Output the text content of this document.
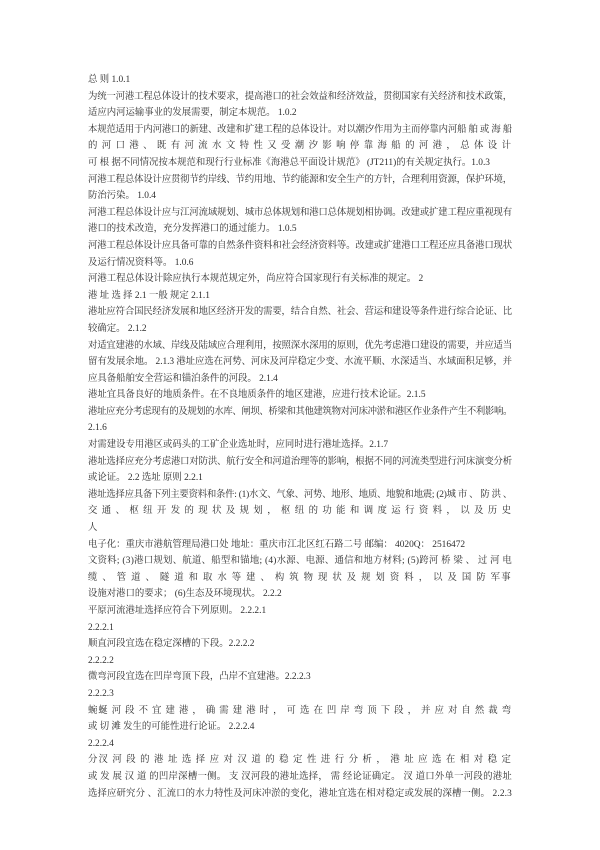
总 则 1.0.1
为统一河港工程总体设计的技术要求，提高港口的社会效益和经济效益，贯彻国家有关经济和技术政策，
适应内河运输事业的发展需要，制定本规范。 1.0.2
本规范适用于内河港口的新建、改建和扩建工程的总体设计。对以潮汐作用为主而停靠内河船 舶 或 海 船
的 河 口 港 、 既 有 河 流 水 文 特 性 又 受 潮 汐 影 响 停 靠 海 船 的 河 港 ， 总 体 设 计
可 根 据不同情况按本规范和现行行业标准《海港总平面设计规范》 (JT211)的有关规定执行。1.0.3
河港工程总体设计应贯彻节约岸线、节约用地、节约能源和安全生产的方针，合理利用资源，保护环境，
防治污染。 1.0.4
河港工程总体设计应与江河流域规划、城市总体规划和港口总体规划相协调。改建或扩建工程应重视现有
港口的技术改造，充分发挥港口的通过能力。 1.0.5
河港工程总体设计应具备可靠的自然条件资料和社会经济资料等。改建或扩建港口工程还应具备港口现状
及运行情况资料等。 1.0.6
河港工程总体设计除应执行本规范规定外，尚应符合国家现行有关标准的规定。 2
港 址 选 择 2.1 一般 规定 2.1.1
港址应符合国民经济发展和地区经济开发的需要，结合自然、社会、营运和建设等条件进行综合论证、比
较确定。 2.1.2
对适宜建港的水域、岸线及陆域应合理利用，按照深水深用的原则，优先考虑港口建设的需要，并应适当
留有发展余地。 2.1.3 港址应选在河势、河床及河岸稳定少变、水流平顺、水深适当、水域面积足够，并
应具备船舶安全营运和锚泊条件的河段。 2.1.4
港址宜具备良好的地质条件。在不良地质条件的地区建港，应进行技术论证。2.1.5
港址应充分考虑现有的及规划的水库、闸坝、桥梁和其他建筑物对河床冲淤和港区作业条件产生不利影响。
2.1.6
对需建设专用港区或码头的工矿企业选址时，应同时进行港址选择。2.1.7
港址选择应充分考虑港口对防洪、航行安全和河道治理等的影响，根据不同的河流类型进行河床演变分析
或论证。 2.2 选址 原则 2.2.1
港址选择应具备下列主要资料和条件: (1)水文、气象、河势、地形、地质、地貌和地震; (2)城 市 、 防 洪 、
交 通 、 枢 纽 开 发 的 现 状 及 规 划 ， 枢 纽 的 功 能 和 调 度 运 行 资 料 ， 以 及 历 史
人
电子化：重庆市港航管理局港口处 地址：重庆市江北区红石路二号 邮编： 4020Q： 2516472
文资料; (3)港口规划、航道、船型和锚地; (4)水源、电源、通信和地方材料; (5)跨河 桥 梁 、 过 河 电
缆 、 管 道 、 隧 道 和 取 水 等 建 、 构 筑 物 现 状 及 规 划 资 料 ， 以 及 国 防 军事
设施对港口的要求； (6)生态及环境现状。 2.2.2
平原河流港址选择应符合下列原则。 2.2.2.1
2.2.2.1
顺直河段宜选在稳定深槽的下段。2.2.2.2
2.2.2.2
微弯河段宜选在凹岸弯顶下段，凸岸不宜建港。2.2.2.3
2.2.2.3
蜿蜒 河 段 不 宜 建 港 ， 确 需 建 港 时 ， 可 选 在 凹 岸 弯 顶 下 段 ， 并 应 对 自 然 裁 弯
或 切 滩 发生的可能性进行论证。 2.2.2.4
2.2.2.4
分汊 河 段 的 港 址 选 择 应 对 汉 道 的 稳 定 性 进 行 分 析 ， 港 址 应 选 在 相 对 稳 定
或 发 展 汉 道 的凹岸深槽一侧。 支 汊河段的港址选择， 需 经论证确定。 汊 道口外单一河段的港址
选择应研究分 、汇流口的水力特性及河床冲淤的变化，港址宜选在相对稳定或发展的深槽一侧。 2.2.3
